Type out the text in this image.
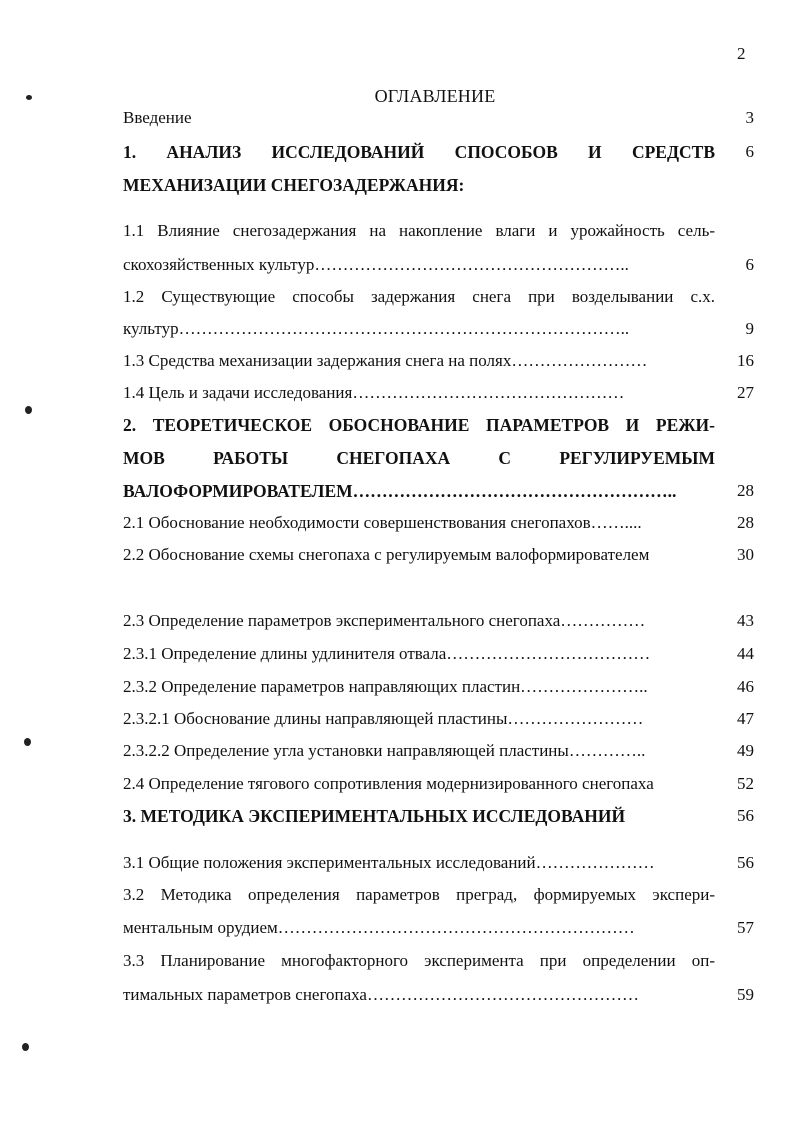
2
ОГЛАВЛЕНИЕ
Введение	3
1. АНАЛИЗ ИССЛЕДОВАНИЙ СПОСОБОВ И СРЕДСТВ	6
МЕХАНИЗАЦИИ СНЕГОЗАДЕРЖАНИЯ:
1.1 Влияние снегозадержания на накопление влаги и урожайность сель-
скохозяйственных культур………………………………………………..	6
1.2 Существующие способы задержания снега при возделывании с.х.
культур……………………………………………………………………..	9
1.3 Средства механизации задержания снега на полях……………………	16
1.4 Цель и задачи исследования…………………………………………	27
2. ТЕОРЕТИЧЕСКОЕ ОБОСНОВАНИЕ ПАРАМЕТРОВ И РЕЖИ-
МОВ РАБОТЫ СНЕГОПАХА С РЕГУЛИРУЕМЫМ
ВАЛОФОРМИРОВАТЕЛЕМ………………………………………………..	28
2.1 Обоснование необходимости совершенствования снегопахов……....	28
2.2 Обоснование схемы снегопаха с регулируемым валоформирователем	30
2.3 Определение параметров экспериментального снегопаха……………	43
2.3.1 Определение длины удлинителя отвала………………………………	44
2.3.2 Определение параметров направляющих пластин…………………..	46
2.3.2.1 Обоснование длины направляющей пластины……………………	47
2.3.2.2 Определение угла установки направляющей пластины…………..	49
2.4 Определение тягового сопротивления модернизированного снегопаха	52
3. МЕТОДИКА ЭКСПЕРИМЕНТАЛЬНЫХ ИССЛЕДОВАНИЙ	56
3.1 Общие положения экспериментальных исследований…………………	56
3.2 Методика определения параметров преград, формируемых экспери-
ментальным орудием………………………………………………………	57
3.3 Планирование многофакторного эксперимента при определении оп-
тимальных параметров снегопаха…………………………………………	59
